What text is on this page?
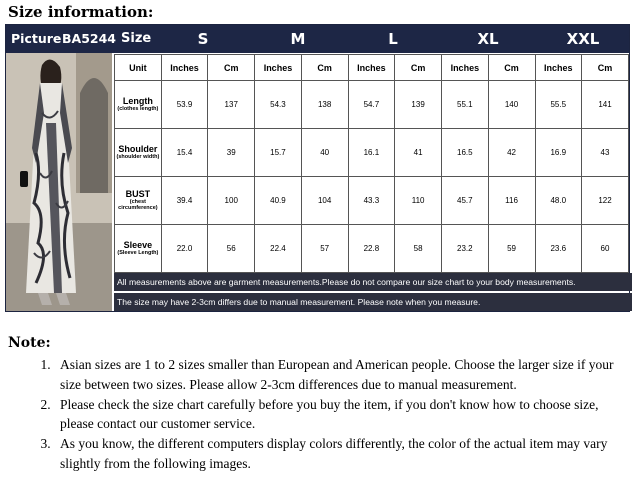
Size information:
Picture BA5244 Size	S	M	L	XL	XXL
Unit	Inches	Cm	Inches	Cm	Inches	Cm	Inches	Cm	Inches	Cm
Length
(clothes length)	53.9	137	54.3	138	54.7	139	55.1	140	55.5	141
Shoulder
(shoulder width)	15.4	39	15.7	40	16.1	41	16.5	42	16.9	43
BUST
(chest circumference)	39.4	100	40.9	104	43.3	110	45.7	116	48.0	122
Sleeve
(Sleeve Length)	22.0	56	22.4	57	22.8	58	23.2	59	23.6	60
All measurements above are garment measurements.Please do not compare our size chart to your body measurements.
The size may have 2-3cm differs due to manual measurement. Please note when you measure.
Note:
1. Asian sizes are 1 to 2 sizes smaller than European and American people. Choose the larger size if your size between two sizes. Please allow 2-3cm differences due to manual measurement.
2. Please check the size chart carefully before you buy the item, if you don't know how to choose size, please contact our customer service.
3. As you know, the different computers display colors differently, the color of the actual item may vary slightly from the following images.
